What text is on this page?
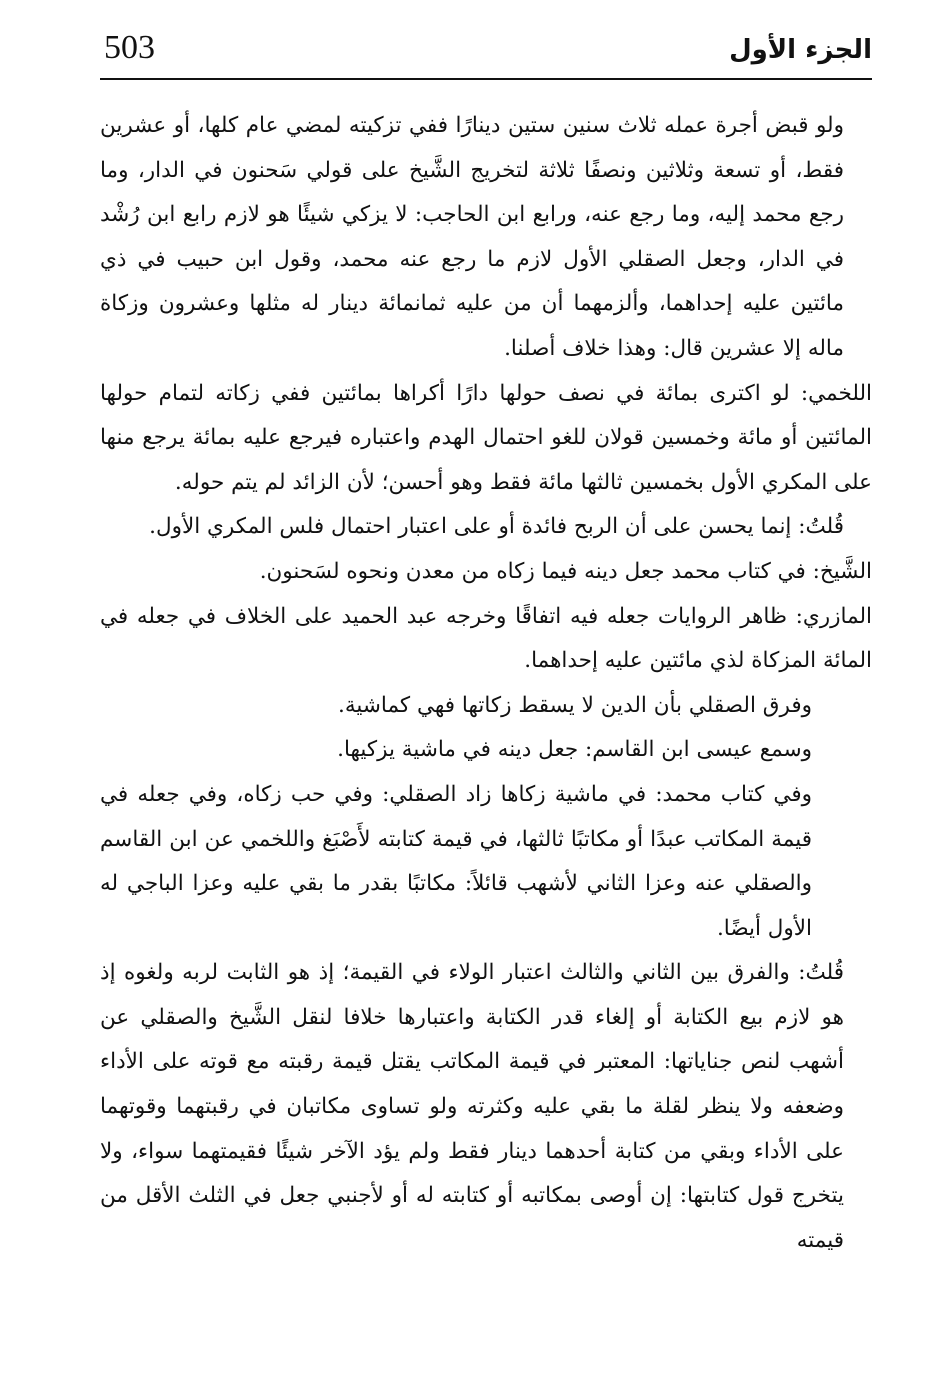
503	الجزء الأول

ولو قبض أجرة عمله ثلاث سنين ستين دينارًا ففي تزكيته لمضي عام كلها، أو عشرين فقط، أو تسعة وثلاثين ونصفًا ثلاثة لتخريج الشَّيخ على قولي سَحنون في الدار، وما رجع محمد إليه، وما رجع عنه، ورابع ابن الحاجب: لا يزكي شيئًا هو لازم رابع ابن رُشْد في الدار، وجعل الصقلي الأول لازم ما رجع عنه محمد، وقول ابن حبيب في ذي مائتين عليه إحداهما، وألزمهما أن من عليه ثمانمائة دينار له مثلها وعشرون وزكاة ماله إلا عشرين قال: وهذا خلاف أصلنا.

اللخمي: لو اكترى بمائة في نصف حولها دارًا أكراها بمائتين ففي زكاته لتمام حولها المائتين أو مائة وخمسين قولان للغو احتمال الهدم واعتباره فيرجع عليه بمائة يرجع منها على المكري الأول بخمسين ثالثها مائة فقط وهو أحسن؛ لأن الزائد لم يتم حوله.

قُلتُ: إنما يحسن على أن الربح فائدة أو على اعتبار احتمال فلس المكري الأول.

الشَّيخ: في كتاب محمد جعل دينه فيما زكاه من معدن ونحوه لسَحنون.

المازري: ظاهر الروايات جعله فيه اتفاقًا وخرجه عبد الحميد على الخلاف في جعله في المائة المزكاة لذي مائتين عليه إحداهما.

وفرق الصقلي بأن الدين لا يسقط زكاتها فهي كماشية.

وسمع عيسى ابن القاسم: جعل دينه في ماشية يزكيها.

وفي كتاب محمد: في ماشية زكاها زاد الصقلي: وفي حب زكاه، وفي جعله في قيمة المكاتب عبدًا أو مكاتبًا ثالثها، في قيمة كتابته لأَصْبَغ واللخمي عن ابن القاسم والصقلي عنه وعزا الثاني لأشهب قائلاً: مكاتبًا بقدر ما بقي عليه وعزا الباجي له الأول أيضًا.

قُلتُ: والفرق بين الثاني والثالث اعتبار الولاء في القيمة؛ إذ هو الثابت لربه ولغوه إذ هو لازم بيع الكتابة أو إلغاء قدر الكتابة واعتبارها خلافا لنقل الشَّيخ والصقلي عن أشهب لنص جناياتها: المعتبر في قيمة المكاتب يقتل قيمة رقبته مع قوته على الأداء وضعفه ولا ينظر لقلة ما بقي عليه وكثرته ولو تساوى مكاتبان في رقبتهما وقوتهما على الأداء وبقي من كتابة أحدهما دينار فقط ولم يؤد الآخر شيئًا فقيمتهما سواء، ولا يتخرج قول كتابتها: إن أوصى بمكاتبه أو كتابته له أو لأجنبي جعل في الثلث الأقل من قيمته
